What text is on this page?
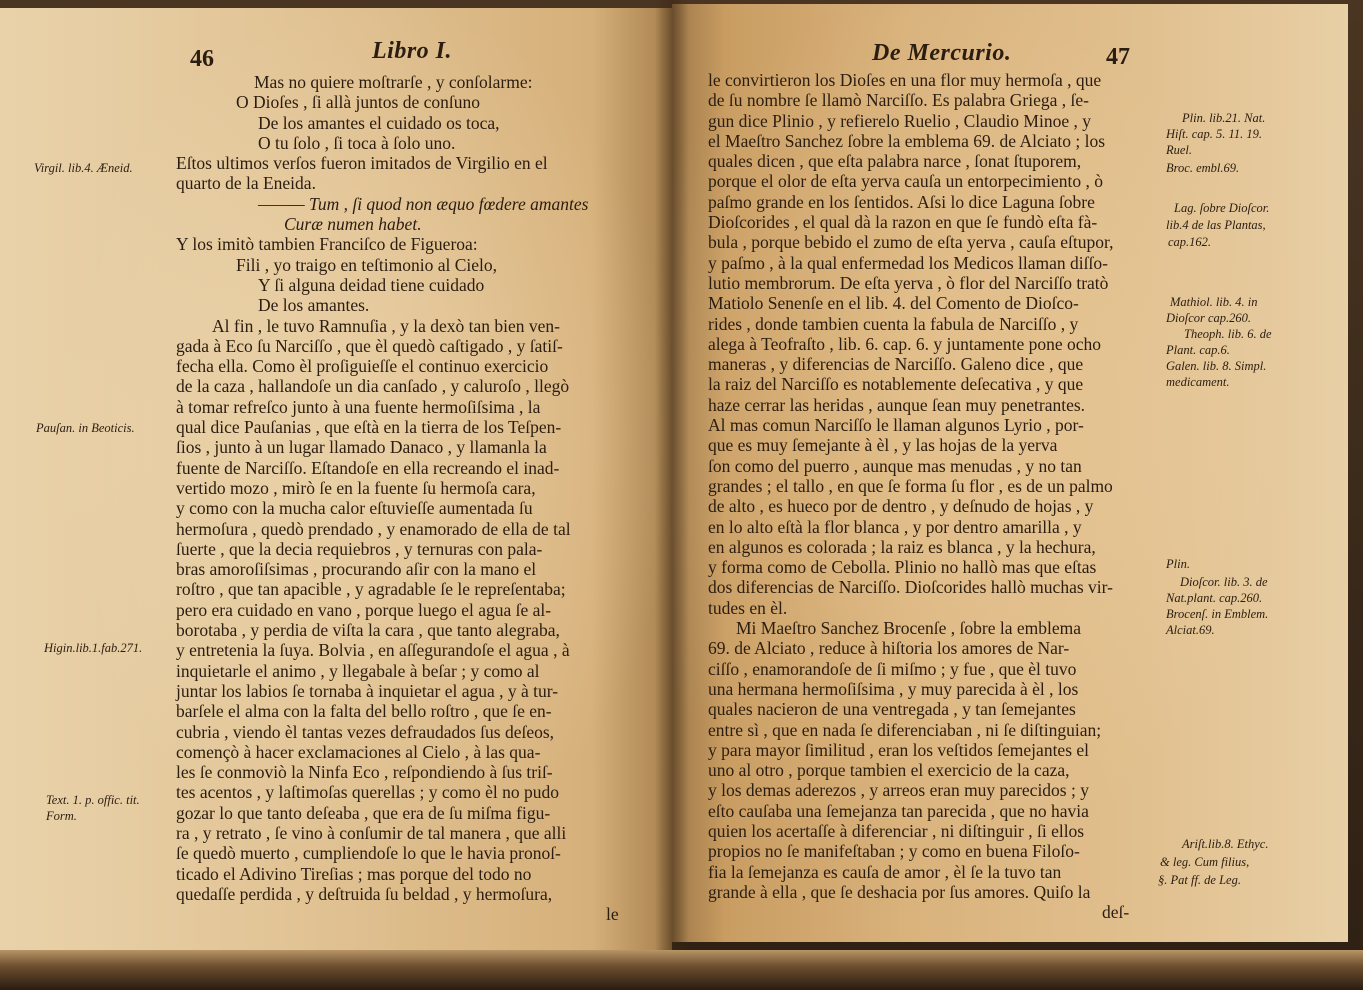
46	Libro I.
Mas no quiere moſtrarſe , y conſolarme:
O Dioſes , ſi allà juntos de conſuno
De los amantes el cuidado os toca,
O tu ſolo , ſi toca à ſolo uno.
Eſtos ultimos verſos fueron imitados de Virgilio en el
quarto de la Eneida.
——— Tum , ſi quod non æquo fœdere amantes
Curæ numen habet.
Y los imitò tambien Franciſco de Figueroa:
Fili , yo traigo en teſtimonio al Cielo,
Y ſi alguna deidad tiene cuidado
De los amantes.
Al fin , le tuvo Ramnuſia , y la dexò tan bien ven-
gada à Eco ſu Narciſſo , que èl quedò caſtigado , y ſatiſ-
fecha ella. Como èl proſiguieſſe el continuo exercicio
de la caza , hallandoſe un dia canſado , y caluroſo , llegò
à tomar refreſco junto à una fuente hermoſiſsima , la
qual dice Pauſanias , que eſtà en la tierra de los Teſpen-
ſios , junto à un lugar llamado Danaco , y llamanla la
fuente de Narciſſo. Eſtandoſe en ella recreando el inad-
vertido mozo , mirò ſe en la fuente ſu hermoſa cara,
y como con la mucha calor eſtuvieſſe aumentada ſu
hermoſura , quedò prendado , y enamorado de ella de tal
ſuerte , que la decia requiebros , y ternuras con pala-
bras amoroſiſsimas , procurando aſir con la mano el
roſtro , que tan apacible , y agradable ſe le repreſentaba;
pero era cuidado en vano , porque luego el agua ſe al-
borotaba , y perdia de viſta la cara , que tanto alegraba,
y entretenia la ſuya. Bolvia , en aſſegurandoſe el agua , à
inquietarle el animo , y llegabale à beſar ; y como al
juntar los labios ſe tornaba à inquietar el agua , y à tur-
barſele el alma con la falta del bello roſtro , que ſe en-
cubria , viendo èl tantas vezes defraudados ſus deſeos,
començò à hacer exclamaciones al Cielo , à las qua-
les ſe conmoviò la Ninfa Eco , reſpondiendo à ſus triſ-
tes acentos , y laſtimoſas querellas ; y como èl no pudo
gozar lo que tanto deſeaba , que era de ſu miſma figu-
ra , y retrato , ſe vino à conſumir de tal manera , que alli
ſe quedò muerto , cumpliendoſe lo que le havia pronoſ-
ticado el Adivino Tireſias ; mas porque del todo no
quedaſſe perdida , y deſtruida ſu beldad , y hermoſura,
le
Virgil. lib.4. Æneid.
Pauſan. in Beoticis.
Higin.lib.1.fab.271.
Text. 1. p. offic. tit.
Form.
De Mercurio.	47
le convirtieron los Dioſes en una flor muy hermoſa , que
de ſu nombre ſe llamò Narciſſo. Es palabra Griega , ſe-
gun dice Plinio , y refierelo Ruelio , Claudio Minoe , y
el Maeſtro Sanchez ſobre la emblema 69. de Alciato ; los
quales dicen , que eſta palabra narce , ſonat ſtuporem,
porque el olor de eſta yerva cauſa un entorpecimiento , ò
paſmo grande en los ſentidos. Aſsi lo dice Laguna ſobre
Dioſcorides , el qual dà la razon en que ſe fundò eſta fà-
bula , porque bebido el zumo de eſta yerva , cauſa eſtupor,
y paſmo , à la qual enfermedad los Medicos llaman diſſo-
lutio membrorum. De eſta yerva , ò flor del Narciſſo tratò
Matiolo Senenſe en el lib. 4. del Comento de Dioſco-
rides , donde tambien cuenta la fabula de Narciſſo , y
alega à Teofraſto , lib. 6. cap. 6. y juntamente pone ocho
maneras , y diferencias de Narciſſo. Galeno dice , que
la raiz del Narciſſo es notablemente deſecativa , y que
haze cerrar las heridas , aunque ſean muy penetrantes.
Al mas comun Narciſſo le llaman algunos Lyrio , por-
que es muy ſemejante à èl , y las hojas de la yerva
ſon como del puerro , aunque mas menudas , y no tan
grandes ; el tallo , en que ſe forma ſu flor , es de un palmo
de alto , es hueco por de dentro , y deſnudo de hojas , y
en lo alto eſtà la flor blanca , y por dentro amarilla , y
en algunos es colorada ; la raiz es blanca , y la hechura,
y forma como de Cebolla. Plinio no hallò mas que eſtas
dos diferencias de Narciſſo. Dioſcorides hallò muchas vir-
tudes en èl.
Mi Maeſtro Sanchez Brocenſe , ſobre la emblema
69. de Alciato , reduce à hiſtoria los amores de Nar-
ciſſo , enamorandoſe de ſi miſmo ; y fue , que èl tuvo
una hermana hermoſiſsima , y muy parecida à èl , los
quales nacieron de una ventregada , y tan ſemejantes
entre sì , que en nada ſe diferenciaban , ni ſe diſtinguian;
y para mayor ſimilitud , eran los veſtidos ſemejantes el
uno al otro , porque tambien el exercicio de la caza,
y los demas aderezos , y arreos eran muy parecidos ; y
eſto cauſaba una ſemejanza tan parecida , que no havia
quien los acertaſſe à diferenciar , ni diſtinguir , ſi ellos
propios no ſe manifeſtaban ; y como en buena Filoſo-
fia la ſemejanza es cauſa de amor , èl ſe la tuvo tan
grande à ella , que ſe deshacia por ſus amores. Quiſo la
deſ-
Plin. lib.21. Nat.
Hiſt. cap. 5. 11. 19.
Ruel.
Broc. embl.69.
Lag. ſobre Dioſcor.
lib.4 de las Plantas,
cap.162.
Mathiol. lib. 4. in
Dioſcor cap.260.
Theoph. lib. 6. de
Plant. cap.6.
Galen. lib. 8. Simpl.
medicament.
Plin.
Dioſcor. lib. 3. de
Nat.plant. cap.260.
Brocenſ. in Emblem.
Alciat.69.
Ariſt.lib.8. Ethyc.
& leg. Cum filius,
§. Pat ff. de Leg.
